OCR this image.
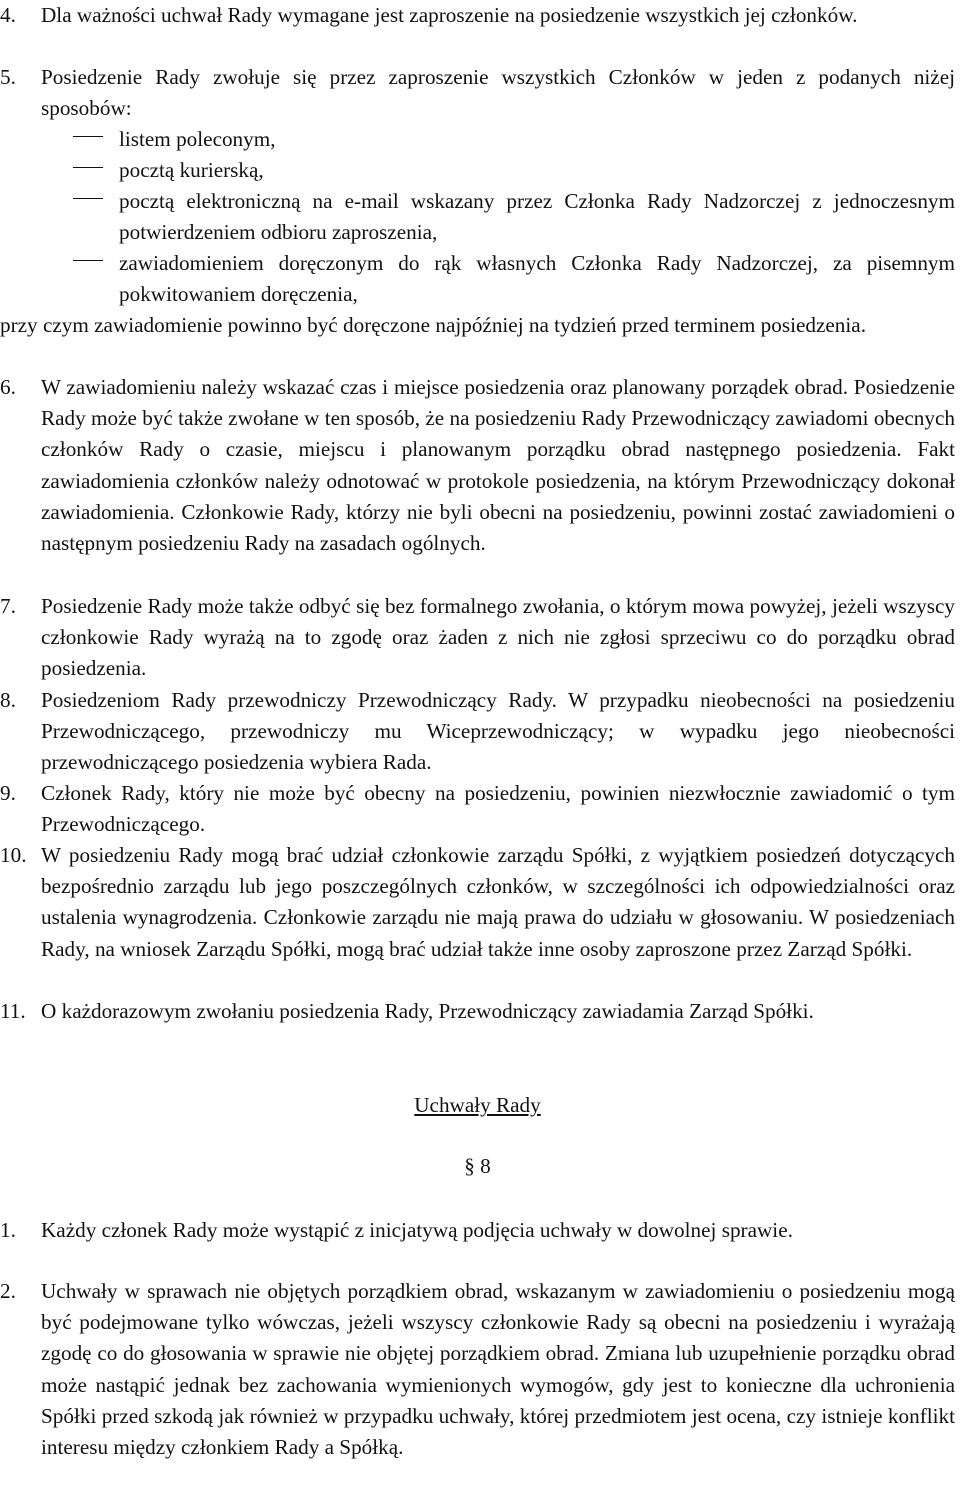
4.	Dla ważności uchwał Rady wymagane jest zaproszenie na posiedzenie wszystkich jej członków.
5.	Posiedzenie Rady zwołuje się przez zaproszenie wszystkich Członków w jeden z podanych niżej sposobów:
listem poleconym,
pocztą kurierską,
pocztą elektroniczną na e-mail wskazany przez Członka Rady Nadzorczej z jednoczesnym potwierdzeniem odbioru zaproszenia,
zawiadomieniem doręczonym do rąk własnych Członka Rady Nadzorczej, za pisemnym pokwitowaniem doręczenia,
przy czym zawiadomienie powinno być doręczone najpóźniej na tydzień przed terminem posiedzenia.
6.	W zawiadomieniu należy wskazać czas i miejsce posiedzenia oraz planowany porządek obrad. Posiedzenie Rady może być także zwołane w ten sposób, że na posiedzeniu Rady Przewodniczący zawiadomi obecnych członków Rady o czasie, miejscu i planowanym porządku obrad następnego posiedzenia. Fakt zawiadomienia członków należy odnotować w protokole posiedzenia, na którym Przewodniczący dokonał zawiadomienia. Członkowie Rady, którzy nie byli obecni na posiedzeniu, powinni zostać zawiadomieni o następnym posiedzeniu Rady na zasadach ogólnych.
7.	Posiedzenie Rady może także odbyć się bez formalnego zwołania, o którym mowa powyżej, jeżeli wszyscy członkowie Rady wyrażą na to zgodę oraz żaden z nich nie zgłosi sprzeciwu co do porządku obrad posiedzenia.
8.	Posiedzeniom Rady przewodniczy Przewodniczący Rady. W przypadku nieobecności na posiedzeniu Przewodniczącego, przewodniczy mu Wiceprzewodniczący; w wypadku jego nieobecności przewodniczącego posiedzenia wybiera Rada.
9.	Członek Rady, który nie może być obecny na posiedzeniu, powinien niezwłocznie zawiadomić o tym Przewodniczącego.
10. W posiedzeniu Rady mogą brać udział członkowie zarządu Spółki, z wyjątkiem posiedzeń dotyczących bezpośrednio zarządu lub jego poszczególnych członków, w szczególności ich odpowiedzialności oraz ustalenia wynagrodzenia. Członkowie zarządu nie mają prawa do udziału w głosowaniu. W posiedzeniach Rady, na wniosek Zarządu Spółki, mogą brać udział także inne osoby zaproszone przez Zarząd Spółki.
11. O każdorazowym zwołaniu posiedzenia Rady, Przewodniczący zawiadamia Zarząd Spółki.
Uchwały Rady
§ 8
1.	Każdy członek Rady może wystąpić z inicjatywą podjęcia uchwały w dowolnej sprawie.
2.	Uchwały w sprawach nie objętych porządkiem obrad, wskazanym w zawiadomieniu o posiedzeniu mogą być podejmowane tylko wówczas, jeżeli wszyscy członkowie Rady są obecni na posiedzeniu i wyrażają zgodę co do głosowania w sprawie nie objętej porządkiem obrad. Zmiana lub uzupełnienie porządku obrad może nastąpić jednak bez zachowania wymienionych wymogów, gdy jest to konieczne dla uchronienia Spółki przed szkodą jak również w przypadku uchwały, której przedmiotem jest ocena, czy istnieje konflikt interesu między członkiem Rady a Spółką.
